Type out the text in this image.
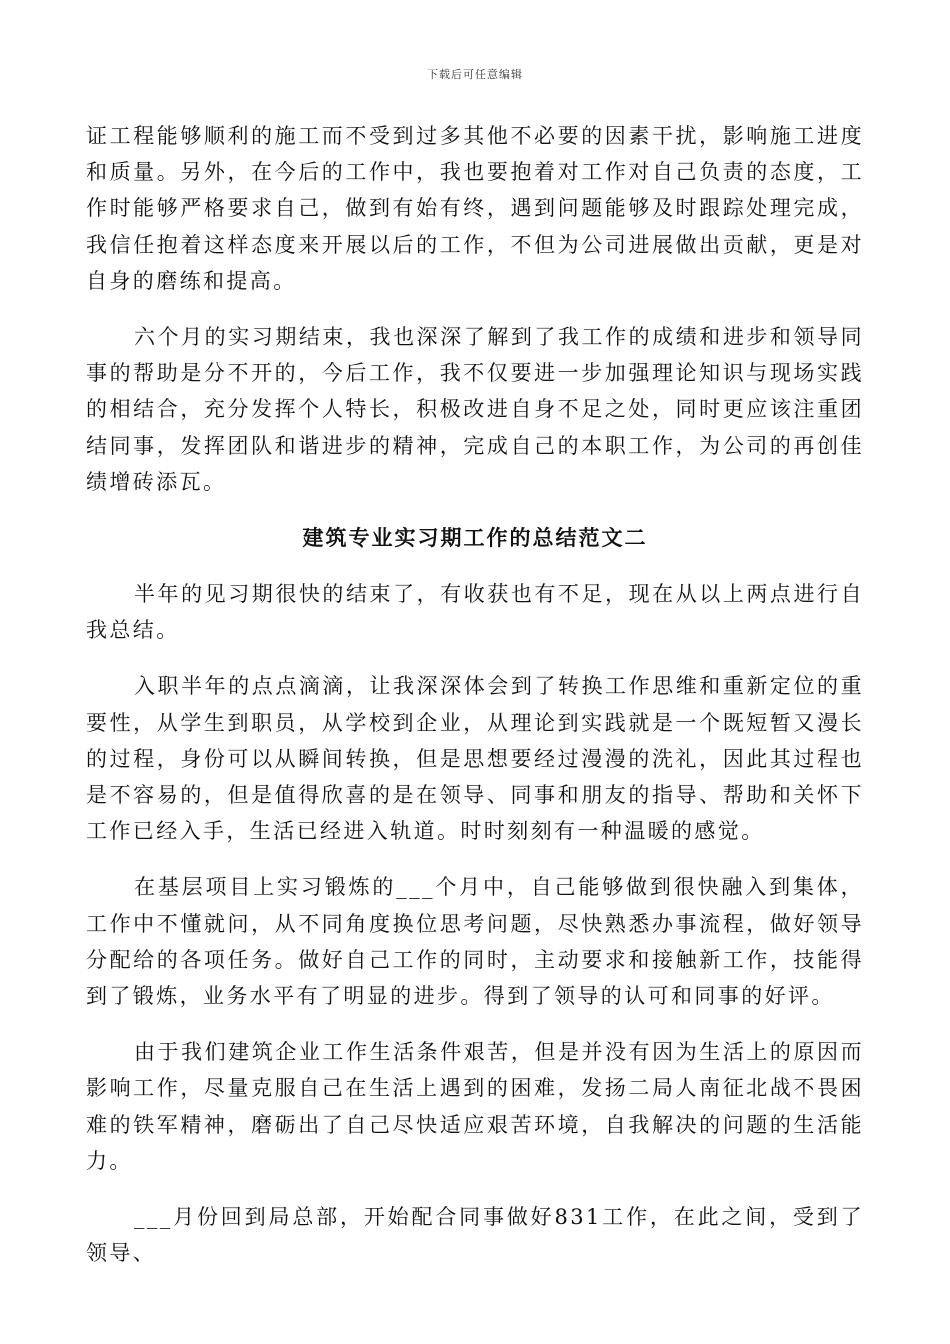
下载后可任意编辑

证工程能够顺利的施工而不受到过多其他不必要的因素干扰，影响施工进度和质量。另外，在今后的工作中，我也要抱着对工作对自己负责的态度，工作时能够严格要求自己，做到有始有终，遇到问题能够及时跟踪处理完成，我信任抱着这样态度来开展以后的工作，不但为公司进展做出贡献，更是对自身的磨练和提高。

六个月的实习期结束，我也深深了解到了我工作的成绩和进步和领导同事的帮助是分不开的，今后工作，我不仅要进一步加强理论知识与现场实践的相结合，充分发挥个人特长，积极改进自身不足之处，同时更应该注重团结同事，发挥团队和谐进步的精神，完成自己的本职工作，为公司的再创佳绩增砖添瓦。

建筑专业实习期工作的总结范文二

半年的见习期很快的结束了，有收获也有不足，现在从以上两点进行自我总结。

入职半年的点点滴滴，让我深深体会到了转换工作思维和重新定位的重要性，从学生到职员，从学校到企业，从理论到实践就是一个既短暂又漫长的过程，身份可以从瞬间转换，但是思想要经过漫漫的洗礼，因此其过程也是不容易的，但是值得欣喜的是在领导、同事和朋友的指导、帮助和关怀下工作已经入手，生活已经进入轨道。时时刻刻有一种温暖的感觉。

在基层项目上实习锻炼的___个月中，自己能够做到很快融入到集体，工作中不懂就问，从不同角度换位思考问题，尽快熟悉办事流程，做好领导分配给的各项任务。做好自己工作的同时，主动要求和接触新工作，技能得到了锻炼，业务水平有了明显的进步。得到了领导的认可和同事的好评。

由于我们建筑企业工作生活条件艰苦，但是并没有因为生活上的原因而影响工作，尽量克服自己在生活上遇到的困难，发扬二局人南征北战不畏困难的铁军精神，磨砺出了自己尽快适应艰苦环境，自我解决的问题的生活能力。

___月份回到局总部，开始配合同事做好831工作，在此之间，受到了领导、
